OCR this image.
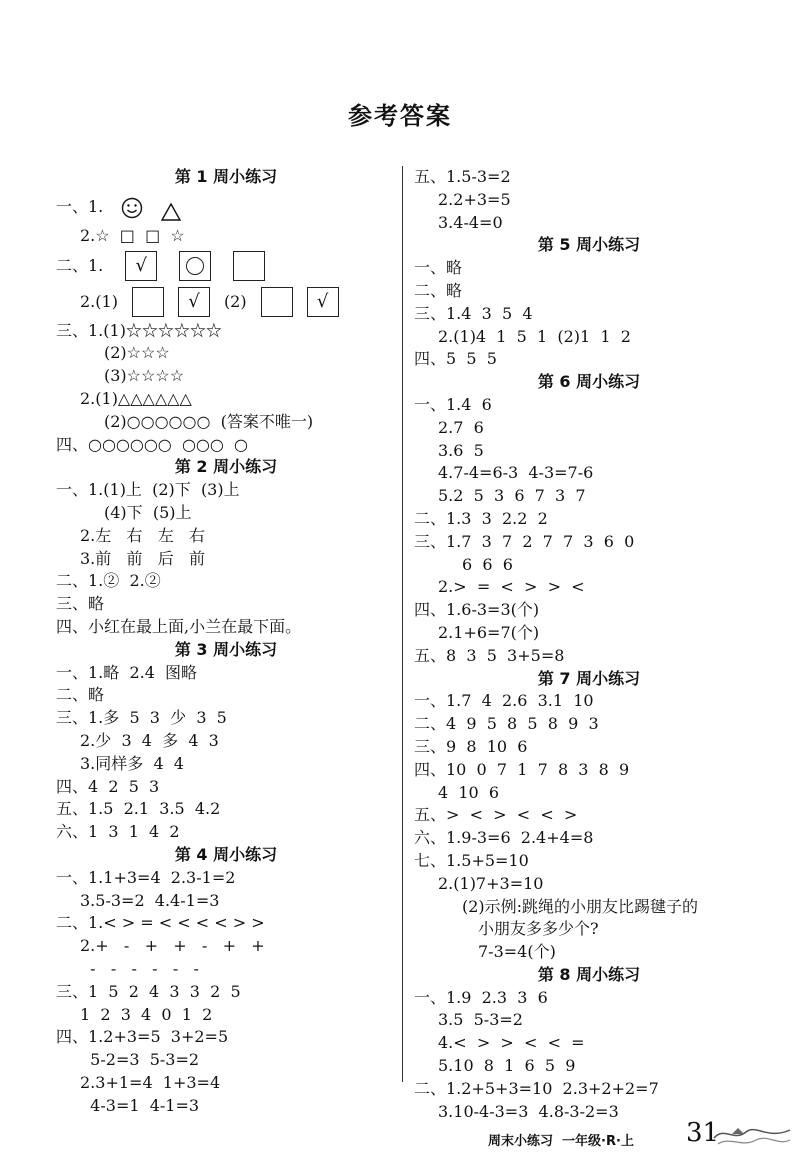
参考答案
第 1 周小练习
一、1.
2.☆  □  □  ☆
二、1. √
2.(1)	√ (2)	√
三、1.(1)☆☆☆☆☆☆
(2)☆☆☆
(3)☆☆☆☆
2.(1)△△△△△△
(2)○○○○○○  (答案不唯一)
四、○○○○○○  ○○○  ○
第 2 周小练习
一、1.(1)上  (2)下  (3)上
(4)下  (5)上
2.左   右   左   右
3.前   前   后   前
二、1.②  2.②
三、略
四、小红在最上面,小兰在最下面。
第 3 周小练习
一、1.略  2.4  图略
二、略
三、1.多  5  3  少  3  5
2.少  3  4  多  4  3
3.同样多  4  4
四、4  2  5  3
五、1.5  2.1  3.5  4.2
六、1  3  1  4  2
第 4 周小练习
一、1.1+3=4  2.3-1=2
3.5-3=2  4.4-1=3
二、1.< > = < < < < > >
2.+   -   +   +   -   +   +
-   -   -   -   -   -
三、1  5  2  4  3  3  2  5
1  2  3  4  0  1  2
四、1.2+3=5  3+2=5
5-2=3  5-3=2
2.3+1=4  1+3=4
4-3=1  4-1=3
五、1.5-3=2
2.2+3=5
3.4-4=0
第 5 周小练习
一、略
二、略
三、1.4  3  5  4
2.(1)4  1  5  1  (2)1  1  2
四、5  5  5
第 6 周小练习
一、1.4  6
2.7  6
3.6  5
4.7-4=6-3  4-3=7-6
5.2  5  3  6  7  3  7
二、1.3  3  2.2  2
三、1.7  3  7  2  7  7  3  6  0
6  6  6
2.>  =  <  >  >  <
四、1.6-3=3(个)
2.1+6=7(个)
五、8  3  5  3+5=8
第 7 周小练习
一、1.7  4  2.6  3.1  10
二、4  9  5  8  5  8  9  3
三、9  8  10  6
四、10  0  7  1  7  8  3  8  9
4  10  6
五、>  <  >  <  <  >
六、1.9-3=6  2.4+4=8
七、1.5+5=10
2.(1)7+3=10
(2)示例:跳绳的小朋友比踢毽子的
小朋友多多少个?
7-3=4(个)
第 8 周小练习
一、1.9  2.3  3  6
3.5  5-3=2
4.<  >  >  <  <  =
5.10  8  1  6  5  9
二、1.2+5+3=10  2.3+2+2=7
3.10-4-3=3  4.8-3-2=3
周末小练习  一年级·R·上 31
